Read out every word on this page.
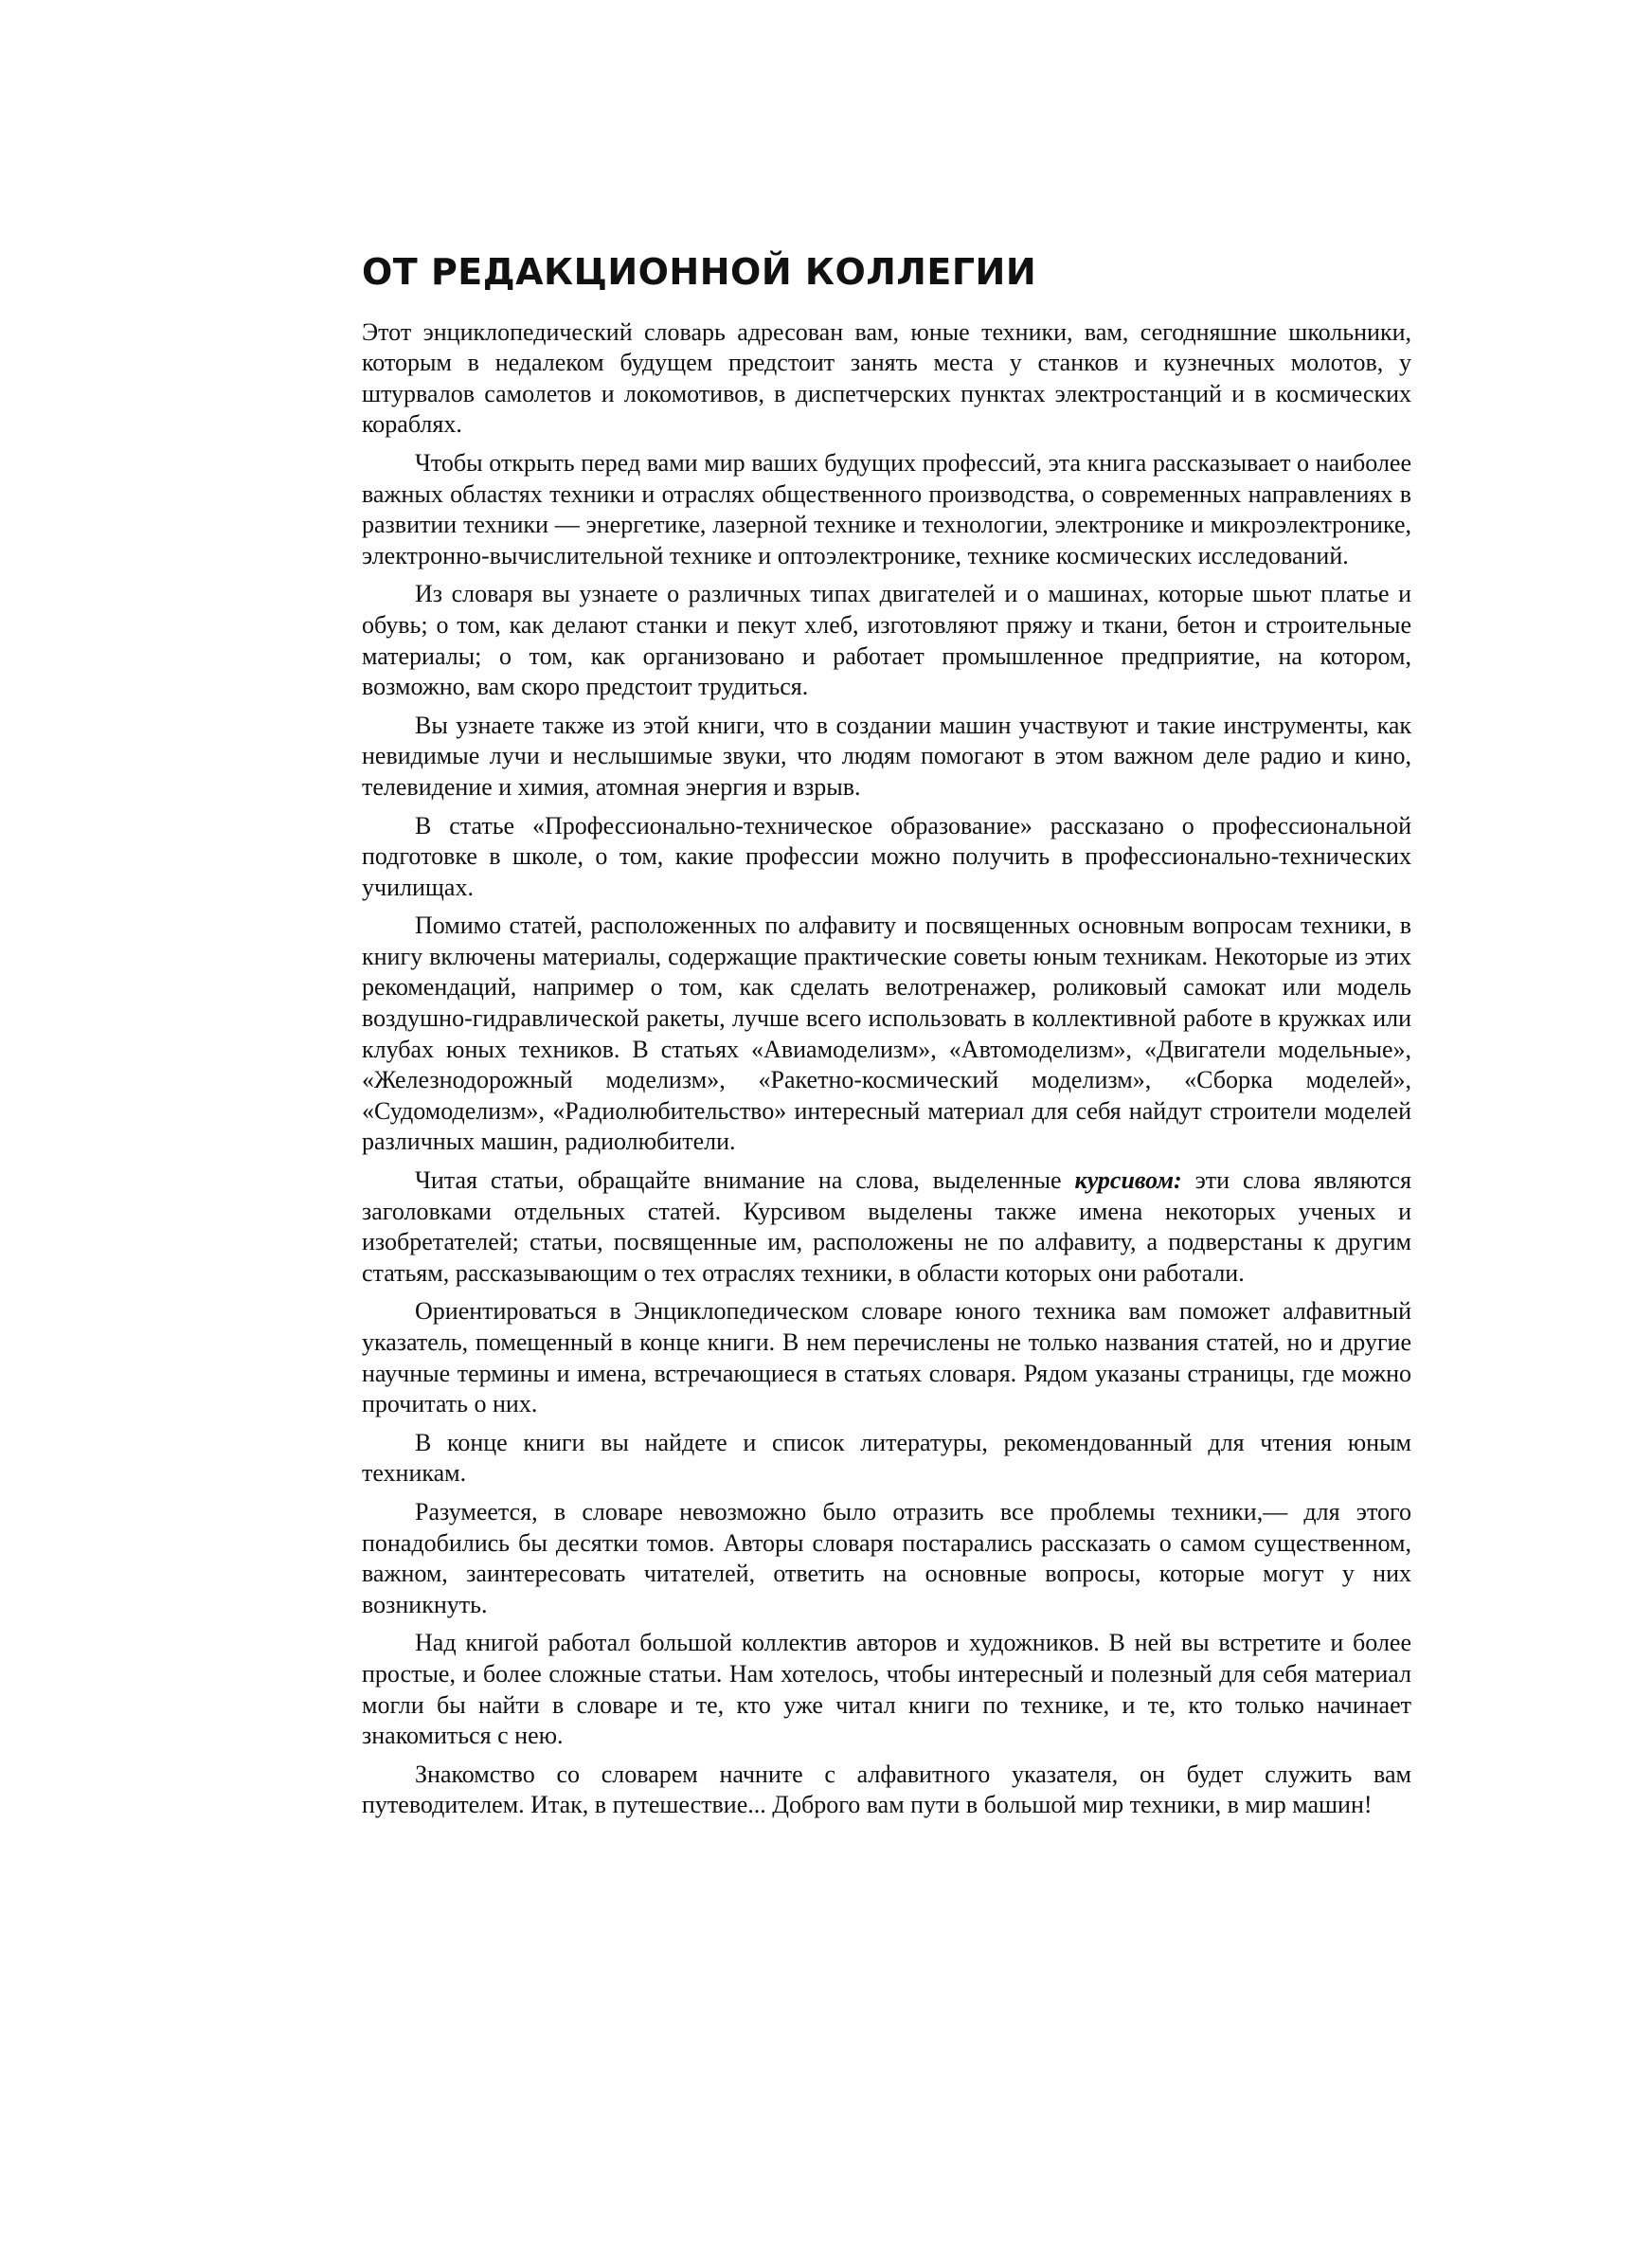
ОТ РЕДАКЦИОННОЙ КОЛЛЕГИИ

Этот энциклопедический словарь адресован вам, юные техники, вам, сегодняшние школьники, которым в недалеком будущем предстоит занять места у станков и кузнечных молотов, у штурвалов самолетов и локомотивов, в диспетчерских пунктах электростанций и в космических кораблях.

Чтобы открыть перед вами мир ваших будущих профессий, эта книга рассказывает о наиболее важных областях техники и отраслях общественного производства, о современных направлениях в развитии техники — энергетике, лазерной технике и технологии, электронике и микроэлектронике, электронно-вычислительной технике и оптоэлектронике, технике космических исследований.

Из словаря вы узнаете о различных типах двигателей и о машинах, которые шьют платье и обувь; о том, как делают станки и пекут хлеб, изготовляют пряжу и ткани, бетон и строительные материалы; о том, как организовано и работает промышленное предприятие, на котором, возможно, вам скоро предстоит трудиться.

Вы узнаете также из этой книги, что в создании машин участвуют и такие инструменты, как невидимые лучи и неслышимые звуки, что людям помогают в этом важном деле радио и кино, телевидение и химия, атомная энергия и взрыв.

В статье «Профессионально-техническое образование» рассказано о профессиональной подготовке в школе, о том, какие профессии можно получить в профессионально-технических училищах.

Помимо статей, расположенных по алфавиту и посвященных основным вопросам техники, в книгу включены материалы, содержащие практические советы юным техникам. Некоторые из этих рекомендаций, например о том, как сделать велотренажер, роликовый самокат или модель воздушно-гидравлической ракеты, лучше всего использовать в коллективной работе в кружках или клубах юных техников. В статьях «Авиамоделизм», «Автомоделизм», «Двигатели модельные», «Железнодорожный моделизм», «Ракетно-космический моделизм», «Сборка моделей», «Судомоделизм», «Радиолюбительство» интересный материал для себя найдут строители моделей различных машин, радиолюбители.

Читая статьи, обращайте внимание на слова, выделенные курсивом: эти слова являются заголовками отдельных статей. Курсивом выделены также имена некоторых ученых и изобретателей; статьи, посвященные им, расположены не по алфавиту, а подверстаны к другим статьям, рассказывающим о тех отраслях техники, в области которых они работали.

Ориентироваться в Энциклопедическом словаре юного техника вам поможет алфавитный указатель, помещенный в конце книги. В нем перечислены не только названия статей, но и другие научные термины и имена, встречающиеся в статьях словаря. Рядом указаны страницы, где можно прочитать о них.

В конце книги вы найдете и список литературы, рекомендованный для чтения юным техникам.

Разумеется, в словаре невозможно было отразить все проблемы техники,— для этого понадобились бы десятки томов. Авторы словаря постарались рассказать о самом существенном, важном, заинтересовать читателей, ответить на основные вопросы, которые могут у них возникнуть.

Над книгой работал большой коллектив авторов и художников. В ней вы встретите и более простые, и более сложные статьи. Нам хотелось, чтобы интересный и полезный для себя материал могли бы найти в словаре и те, кто уже читал книги по технике, и те, кто только начинает знакомиться с нею.

Знакомство со словарем начните с алфавитного указателя, он будет служить вам путеводителем. Итак, в путешествие... Доброго вам пути в большой мир техники, в мир машин!
